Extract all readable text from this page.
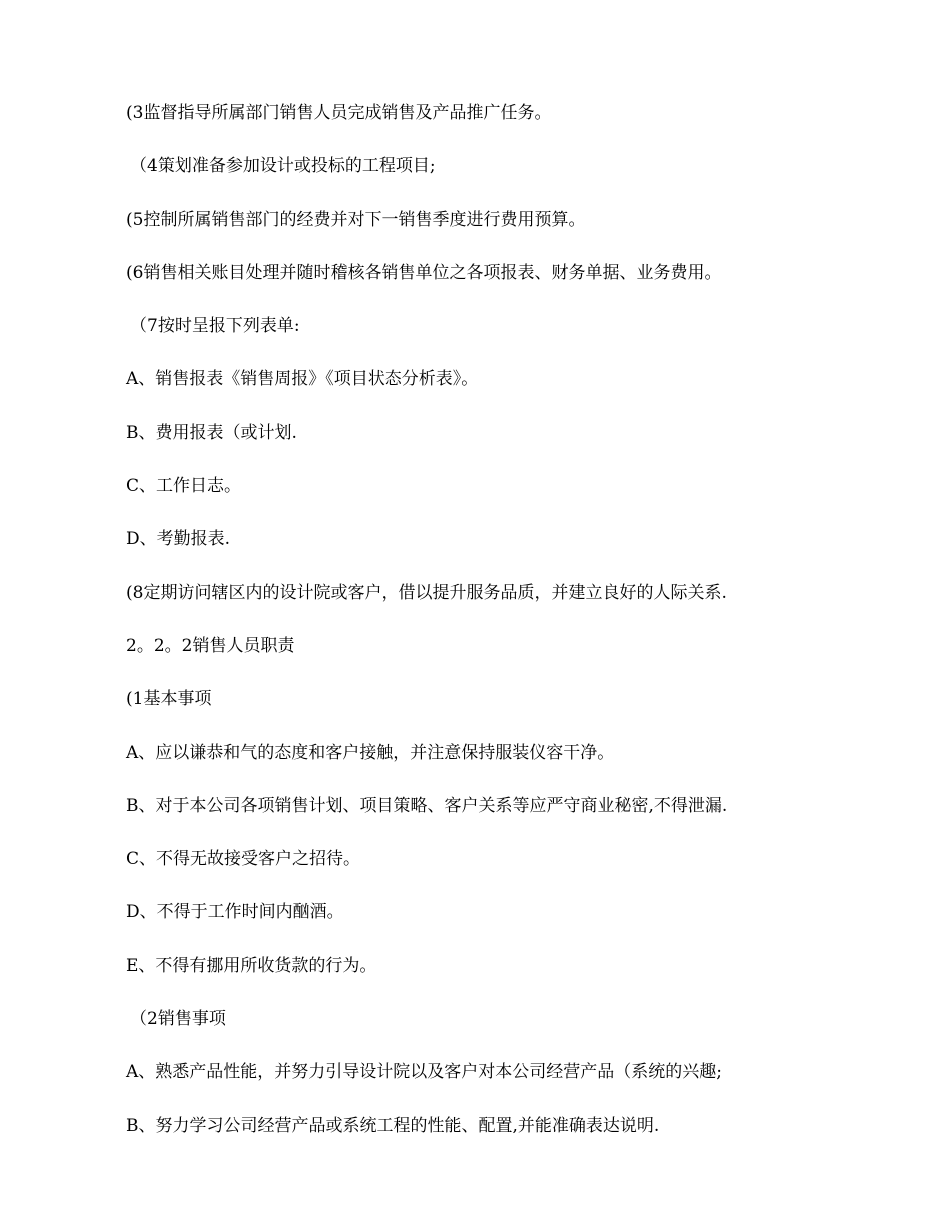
(3监督指导所属部门销售人员完成销售及产品推广任务。
（4策划准备参加设计或投标的工程项目;
(5控制所属销售部门的经费并对下一销售季度进行费用预算。
(6销售相关账目处理并随时稽核各销售单位之各项报表、财务单据、业务费用。
（7按时呈报下列表单:
A、销售报表《销售周报》《项目状态分析表》。
B、费用报表（或计划.
C、工作日志。
D、考勤报表.
(8定期访问辖区内的设计院或客户，借以提升服务品质，并建立良好的人际关系.
2。2。2销售人员职责
(1基本事项
A、应以谦恭和气的态度和客户接触，并注意保持服装仪容干净。
B、对于本公司各项销售计划、项目策略、客户关系等应严守商业秘密,不得泄漏.
C、不得无故接受客户之招待。
D、不得于工作时间内酗酒。
E、不得有挪用所收货款的行为。
（2销售事项
A、熟悉产品性能，并努力引导设计院以及客户对本公司经营产品（系统的兴趣;
B、努力学习公司经营产品或系统工程的性能、配置,并能准确表达说明.
